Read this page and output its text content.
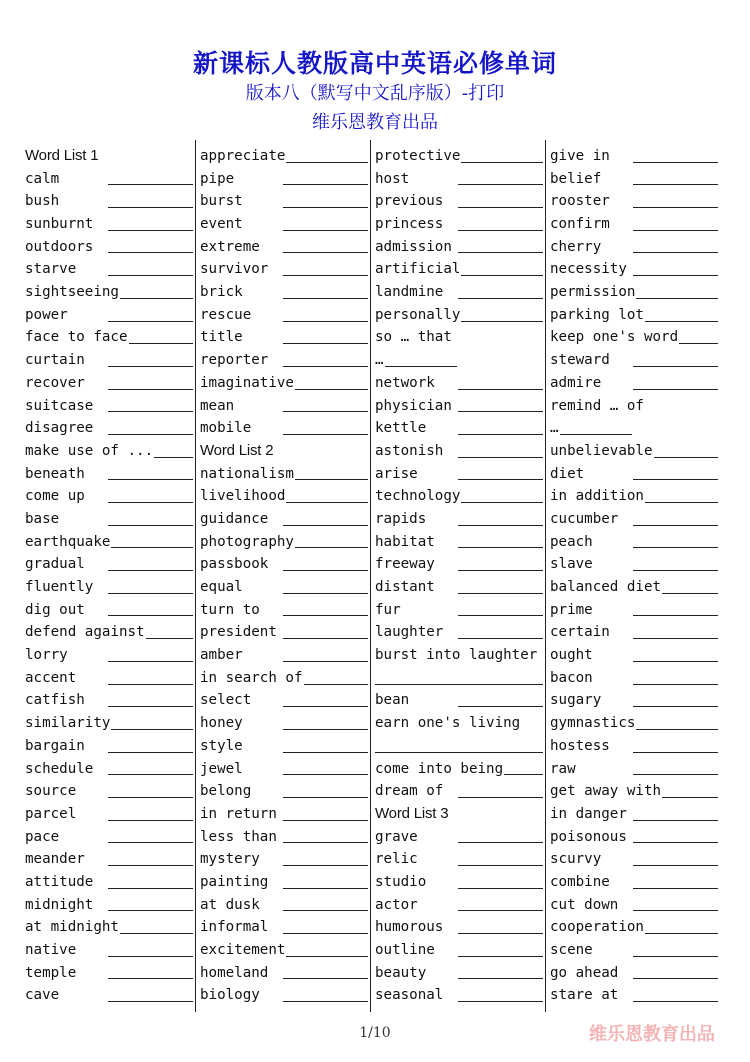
新课标人教版高中英语必修单词
版本八（默写中文乱序版）-打印
维乐恩教育出品
Word List 1
calm
bush
sunburnt
outdoors
starve
sightseeing
power
face to face
curtain
recover
suitcase
disagree
make use of ...
beneath
come up
base
earthquake
gradual
fluently
dig out
defend against
lorry
accent
catfish
similarity
bargain
schedule
source
parcel
pace
meander
attitude
midnight
at midnight
native
temple
cave
appreciate
pipe
burst
event
extreme
survivor
brick
rescue
title
reporter
imaginative
mean
mobile
Word List 2
nationalism
livelihood
guidance
photography
passbook
equal
turn to
president
amber
in search of
select
honey
style
jewel
belong
in return
less than
mystery
painting
at dusk
informal
excitement
homeland
biology
protective
host
previous
princess
admission
artificial
landmine
personally
so … that
…
network
physician
kettle
astonish
arise
technology
rapids
habitat
freeway
distant
fur
laughter
burst into laughter
bean
earn one's living
come into being
dream of
Word List 3
grave
relic
studio
actor
humorous
outline
beauty
seasonal
give in
belief
rooster
confirm
cherry
necessity
permission
parking lot
keep one's word
steward
admire
remind … of
…
unbelievable
diet
in addition
cucumber
peach
slave
balanced diet
prime
certain
ought
bacon
sugary
gymnastics
hostess
raw
get away with
in danger
poisonous
scurvy
combine
cut down
cooperation
scene
go ahead
stare at
1/10	维乐恩教育出品
